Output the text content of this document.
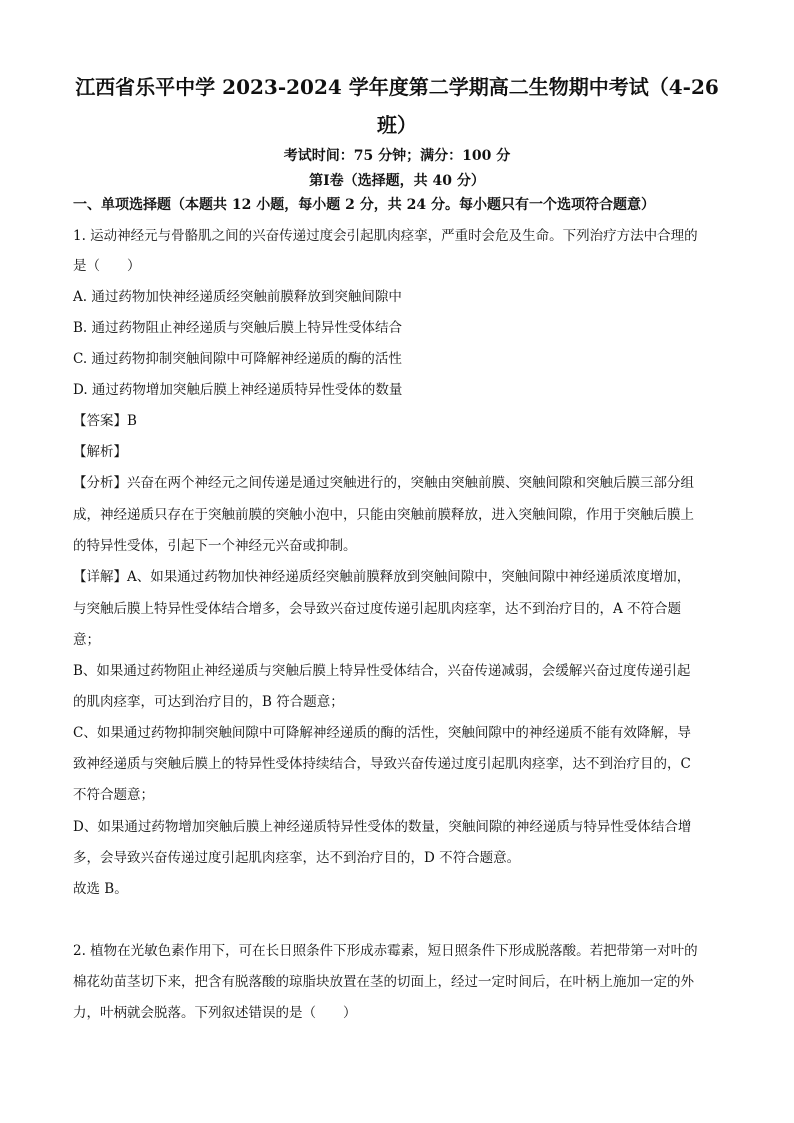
江西省乐平中学 2023-2024 学年度第二学期高二生物期中考试（4-26
班）
考试时间：75 分钟；满分：100 分
第Ⅰ卷（选择题，共 40 分）
一、单项选择题（本题共 12 小题，每小题 2 分，共 24 分。每小题只有一个选项符合题意）
1. 运动神经元与骨骼肌之间的兴奋传递过度会引起肌肉痉挛，严重时会危及生命。下列治疗方法中合理的
是（　　）
A. 通过药物加快神经递质经突触前膜释放到突触间隙中
B. 通过药物阻止神经递质与突触后膜上特异性受体结合
C. 通过药物抑制突触间隙中可降解神经递质的酶的活性
D. 通过药物增加突触后膜上神经递质特异性受体的数量
【答案】B
【解析】
【分析】兴奋在两个神经元之间传递是通过突触进行的，突触由突触前膜、突触间隙和突触后膜三部分组
成，神经递质只存在于突触前膜的突触小泡中，只能由突触前膜释放，进入突触间隙，作用于突触后膜上
的特异性受体，引起下一个神经元兴奋或抑制。
【详解】A、如果通过药物加快神经递质经突触前膜释放到突触间隙中，突触间隙中神经递质浓度增加，
与突触后膜上特异性受体结合增多，会导致兴奋过度传递引起肌肉痉挛，达不到治疗目的，A 不符合题
意；
B、如果通过药物阻止神经递质与突触后膜上特异性受体结合，兴奋传递减弱，会缓解兴奋过度传递引起
的肌肉痉挛，可达到治疗目的，B 符合题意；
C、如果通过药物抑制突触间隙中可降解神经递质的酶的活性，突触间隙中的神经递质不能有效降解，导
致神经递质与突触后膜上的特异性受体持续结合，导致兴奋传递过度引起肌肉痉挛，达不到治疗目的，C
不符合题意；
D、如果通过药物增加突触后膜上神经递质特异性受体的数量，突触间隙的神经递质与特异性受体结合增
多，会导致兴奋传递过度引起肌肉痉挛，达不到治疗目的，D 不符合题意。
故选 B。
2. 植物在光敏色素作用下，可在长日照条件下形成赤霉素，短日照条件下形成脱落酸。若把带第一对叶的
棉花幼苗茎切下来，把含有脱落酸的琼脂块放置在茎的切面上，经过一定时间后，在叶柄上施加一定的外
力，叶柄就会脱落。下列叙述错误的是（　　）
